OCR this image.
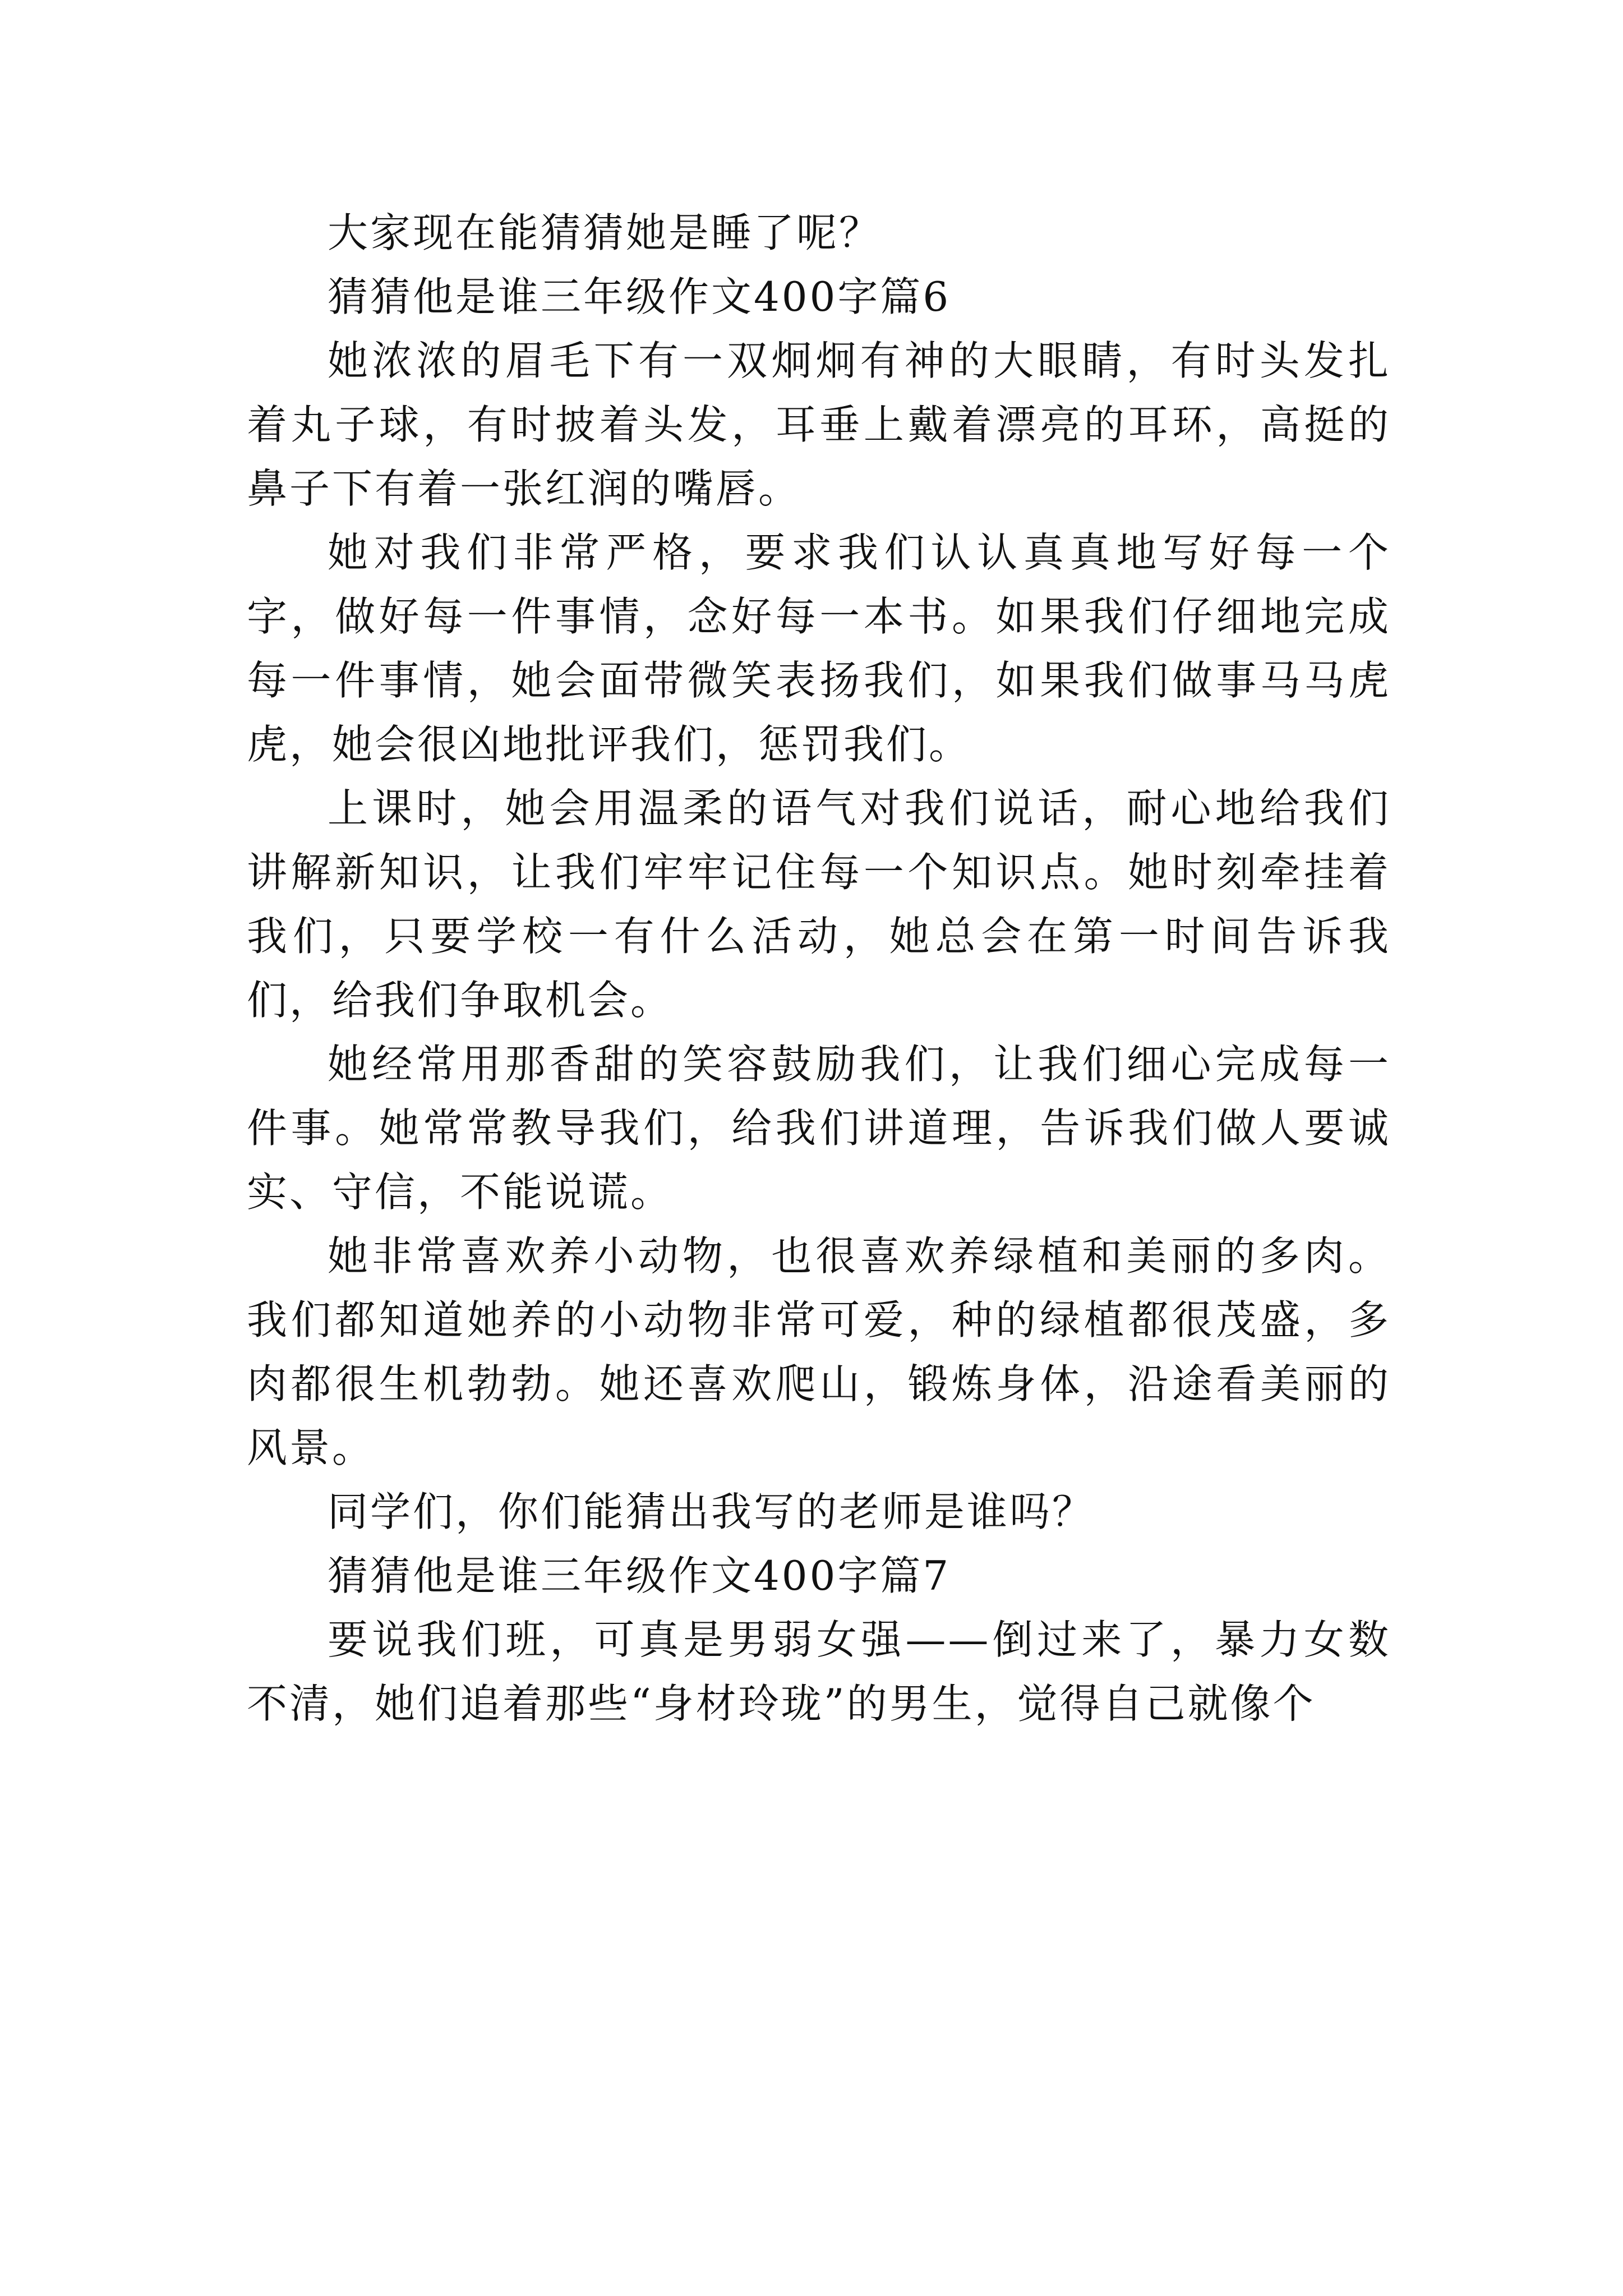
大家现在能猜猜她是睡了呢？

猜猜他是谁三年级作文400字篇6

她浓浓的眉毛下有一双炯炯有神的大眼睛，有时头发扎着丸子球，有时披着头发，耳垂上戴着漂亮的耳环，高挺的鼻子下有着一张红润的嘴唇。

她对我们非常严格，要求我们认认真真地写好每一个字，做好每一件事情，念好每一本书。如果我们仔细地完成每一件事情，她会面带微笑表扬我们，如果我们做事马马虎虎，她会很凶地批评我们，惩罚我们。

上课时，她会用温柔的语气对我们说话，耐心地给我们讲解新知识，让我们牢牢记住每一个知识点。她时刻牵挂着我们，只要学校一有什么活动，她总会在第一时间告诉我们，给我们争取机会。

她经常用那香甜的笑容鼓励我们，让我们细心完成每一件事。她常常教导我们，给我们讲道理，告诉我们做人要诚实、守信，不能说谎。

她非常喜欢养小动物，也很喜欢养绿植和美丽的多肉。我们都知道她养的小动物非常可爱，种的绿植都很茂盛，多肉都很生机勃勃。她还喜欢爬山，锻炼身体，沿途看美丽的风景。

同学们，你们能猜出我写的老师是谁吗？

猜猜他是谁三年级作文400字篇7

要说我们班，可真是男弱女强——倒过来了，暴力女数不清，她们追着那些“身材玲珑”的男生，觉得自己就像个
